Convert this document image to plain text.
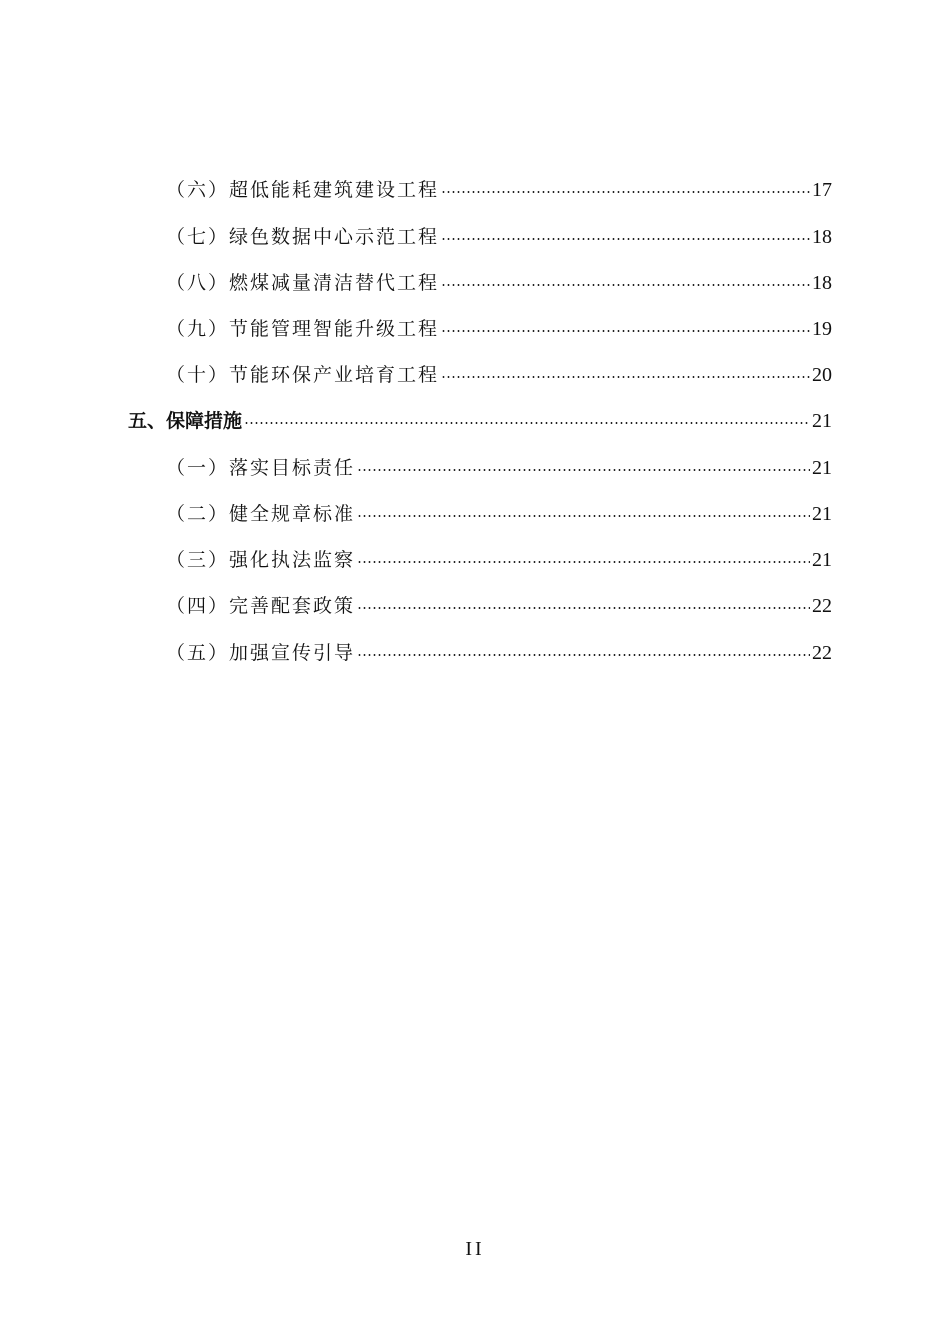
（六）超低能耗建筑建设工程	17
（七）绿色数据中心示范工程	18
（八）燃煤减量清洁替代工程	18
（九）节能管理智能升级工程	19
（十）节能环保产业培育工程	20
五、保障措施	21
（一）落实目标责任	21
（二）健全规章标准	21
（三）强化执法监察	21
（四）完善配套政策	22
（五）加强宣传引导	22
II
